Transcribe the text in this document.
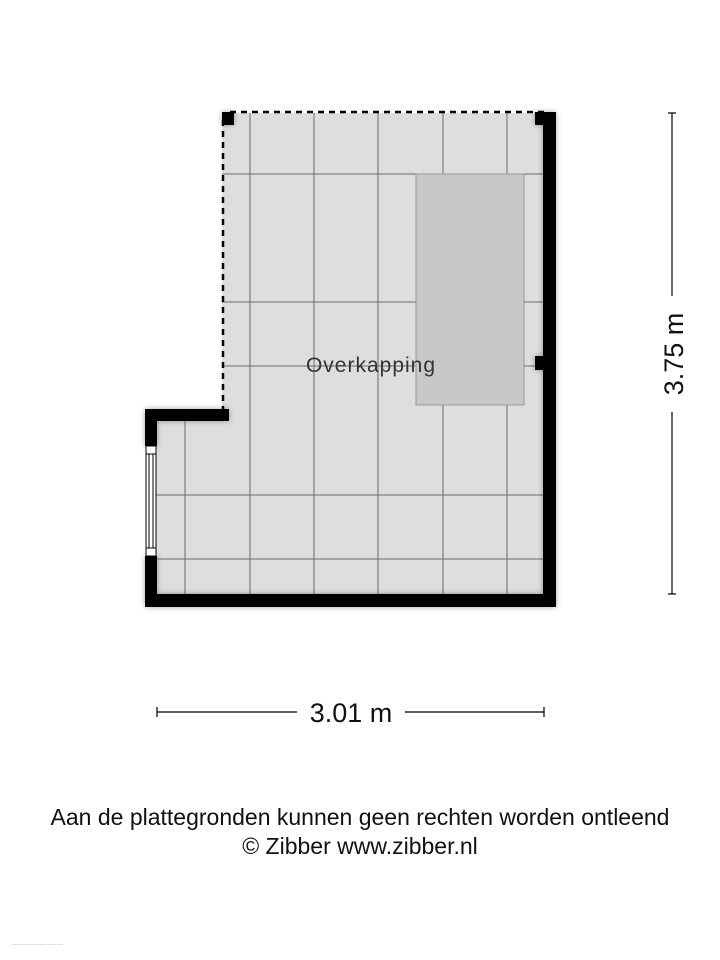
Overkapping	3.75 m
3.01 m
Aan de plattegronden kunnen geen rechten worden ontleend
© Zibber www.zibber.nl
——— ———— ———— ——— ——
